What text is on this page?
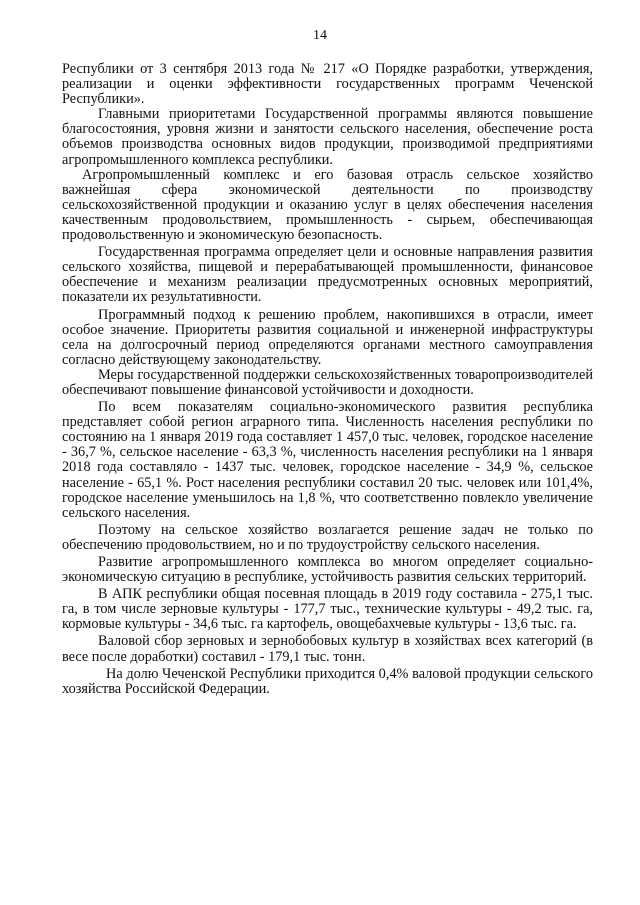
14

Республики от 3 сентября 2013 года № 217 «О Порядке разработки, утверждения, реализации и оценки эффективности государственных программ Чеченской Республики».

Главными приоритетами Государственной программы являются повышение благосостояния, уровня жизни и занятости сельского населения, обеспечение роста объемов производства основных видов продукции, производимой предприятиями агропромышленного комплекса республики.

Агропромышленный комплекс и его базовая отрасль сельское хозяйство важнейшая сфера экономической деятельности по производству сельскохозяйственной продукции и оказанию услуг в целях обеспечения населения качественным продовольствием, промышленность - сырьем, обеспечивающая продовольственную и экономическую безопасность.

Государственная программа определяет цели и основные направления развития сельского хозяйства, пищевой и перерабатывающей промышленности, финансовое обеспечение и механизм реализации предусмотренных основных мероприятий, показатели их результативности.

Программный подход к решению проблем, накопившихся в отрасли, имеет особое значение. Приоритеты развития социальной и инженерной инфраструктуры села на долгосрочный период определяются органами местного самоуправления согласно действующему законодательству.

Меры государственной поддержки сельскохозяйственных товаропроизводителей обеспечивают повышение финансовой устойчивости и доходности.

По всем показателям социально-экономического развития республика представляет собой регион аграрного типа. Численность населения республики по состоянию на 1 января 2019 года составляет 1 457,0 тыс. человек, городское население - 36,7 %, сельское население - 63,3 %, численность населения республики на 1 января 2018 года составляло - 1437 тыс. человек, городское население - 34,9 %, сельское население - 65,1 %. Рост населения республики составил 20 тыс. человек или 101,4%, городское население уменьшилось на 1,8 %, что соответственно повлекло увеличение сельского населения.

Поэтому на сельское хозяйство возлагается решение задач не только по обеспечению продовольствием, но и по трудоустройству сельского населения.

Развитие агропромышленного комплекса во многом определяет социально-экономическую ситуацию в республике, устойчивость развития сельских территорий.

В АПК республики общая посевная площадь в 2019 году составила - 275,1 тыс. га, в том числе зерновые культуры - 177,7 тыс., технические культуры - 49,2 тыс. га, кормовые культуры - 34,6 тыс. га картофель, овощебахчевые культуры - 13,6 тыс. га.

Валовой сбор зерновых и зернобобовых культур в хозяйствах всех категорий (в весе после доработки) составил - 179,1 тыс. тонн.

На долю Чеченской Республики приходится 0,4% валовой продукции сельского хозяйства Российской Федерации.
